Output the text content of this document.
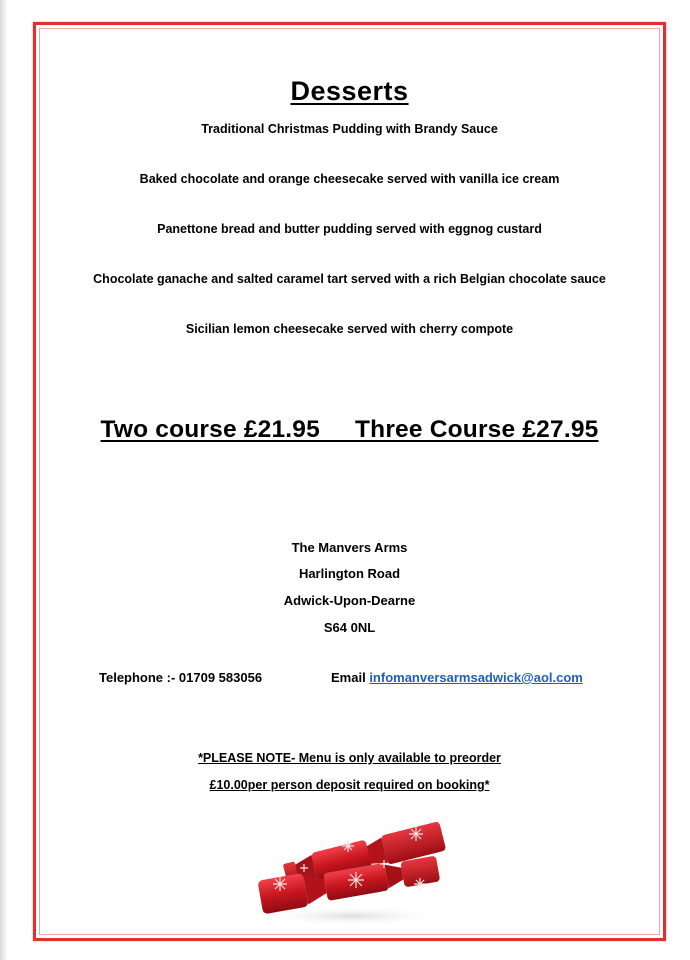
Desserts
Traditional Christmas Pudding with Brandy Sauce
Baked chocolate and orange cheesecake served with vanilla ice cream
Panettone bread and butter pudding served with eggnog custard
Chocolate ganache and salted caramel tart served with a rich Belgian chocolate sauce
Sicilian lemon cheesecake served with cherry compote
Two course £21.95     Three Course £27.95
The Manvers Arms
Harlington Road
Adwick-Upon-Dearne
S64 0NL
Telephone :- 01709 583056	Email infomanversarmsadwick@aol.com
*PLEASE NOTE- Menu is only available to preorder
£10.00per person deposit required on booking*
